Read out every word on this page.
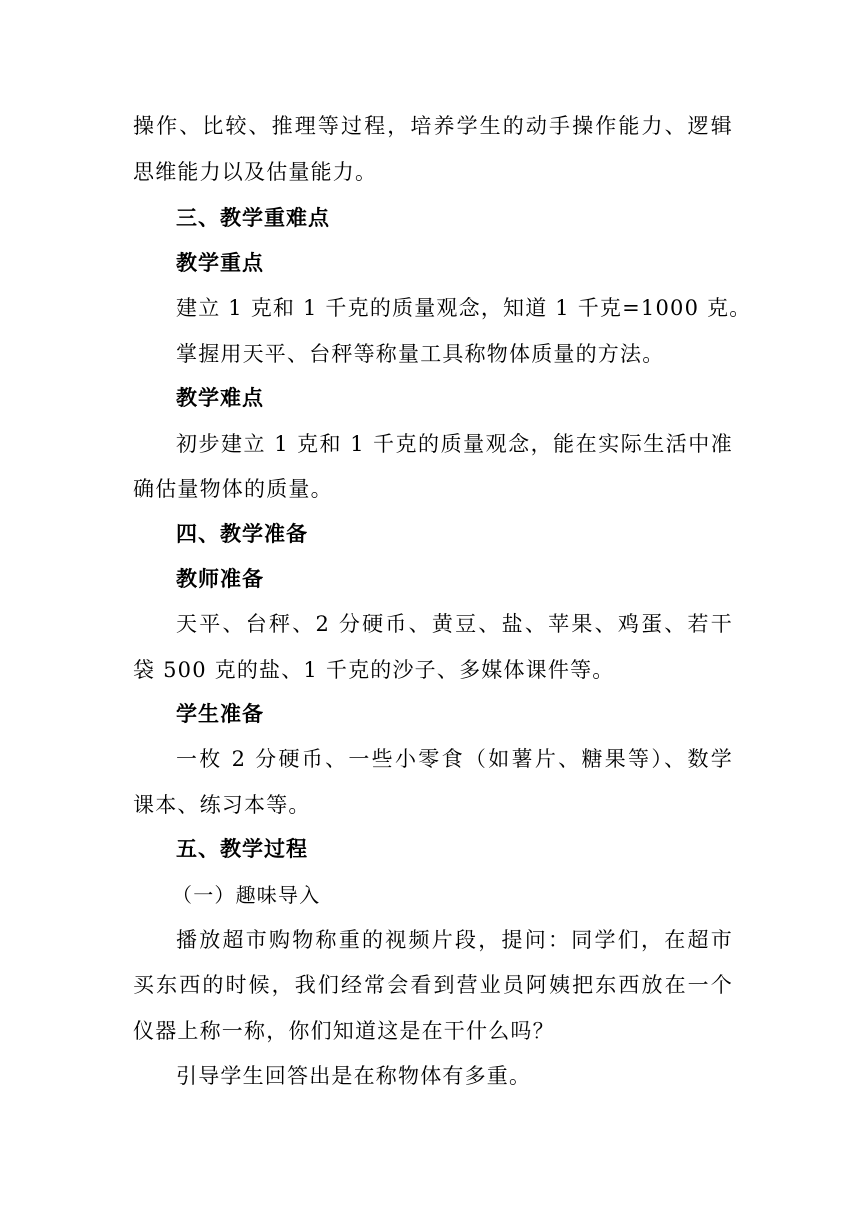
操作、比较、推理等过程，培养学生的动手操作能力、逻辑
思维能力以及估量能力。
三、教学重难点
教学重点
建立 1 克和 1 千克的质量观念，知道 1 千克=1000 克。
掌握用天平、台秤等称量工具称物体质量的方法。
教学难点
初步建立 1 克和 1 千克的质量观念，能在实际生活中准
确估量物体的质量。
四、教学准备
教师准备
天平、台秤、2 分硬币、黄豆、盐、苹果、鸡蛋、若干
袋 500 克的盐、1 千克的沙子、多媒体课件等。
学生准备
一枚 2 分硬币、一些小零食（如薯片、糖果等）、数学
课本、练习本等。
五、教学过程
（一）趣味导入
播放超市购物称重的视频片段，提问：同学们，在超市
买东西的时候，我们经常会看到营业员阿姨把东西放在一个
仪器上称一称，你们知道这是在干什么吗？
引导学生回答出是在称物体有多重。
